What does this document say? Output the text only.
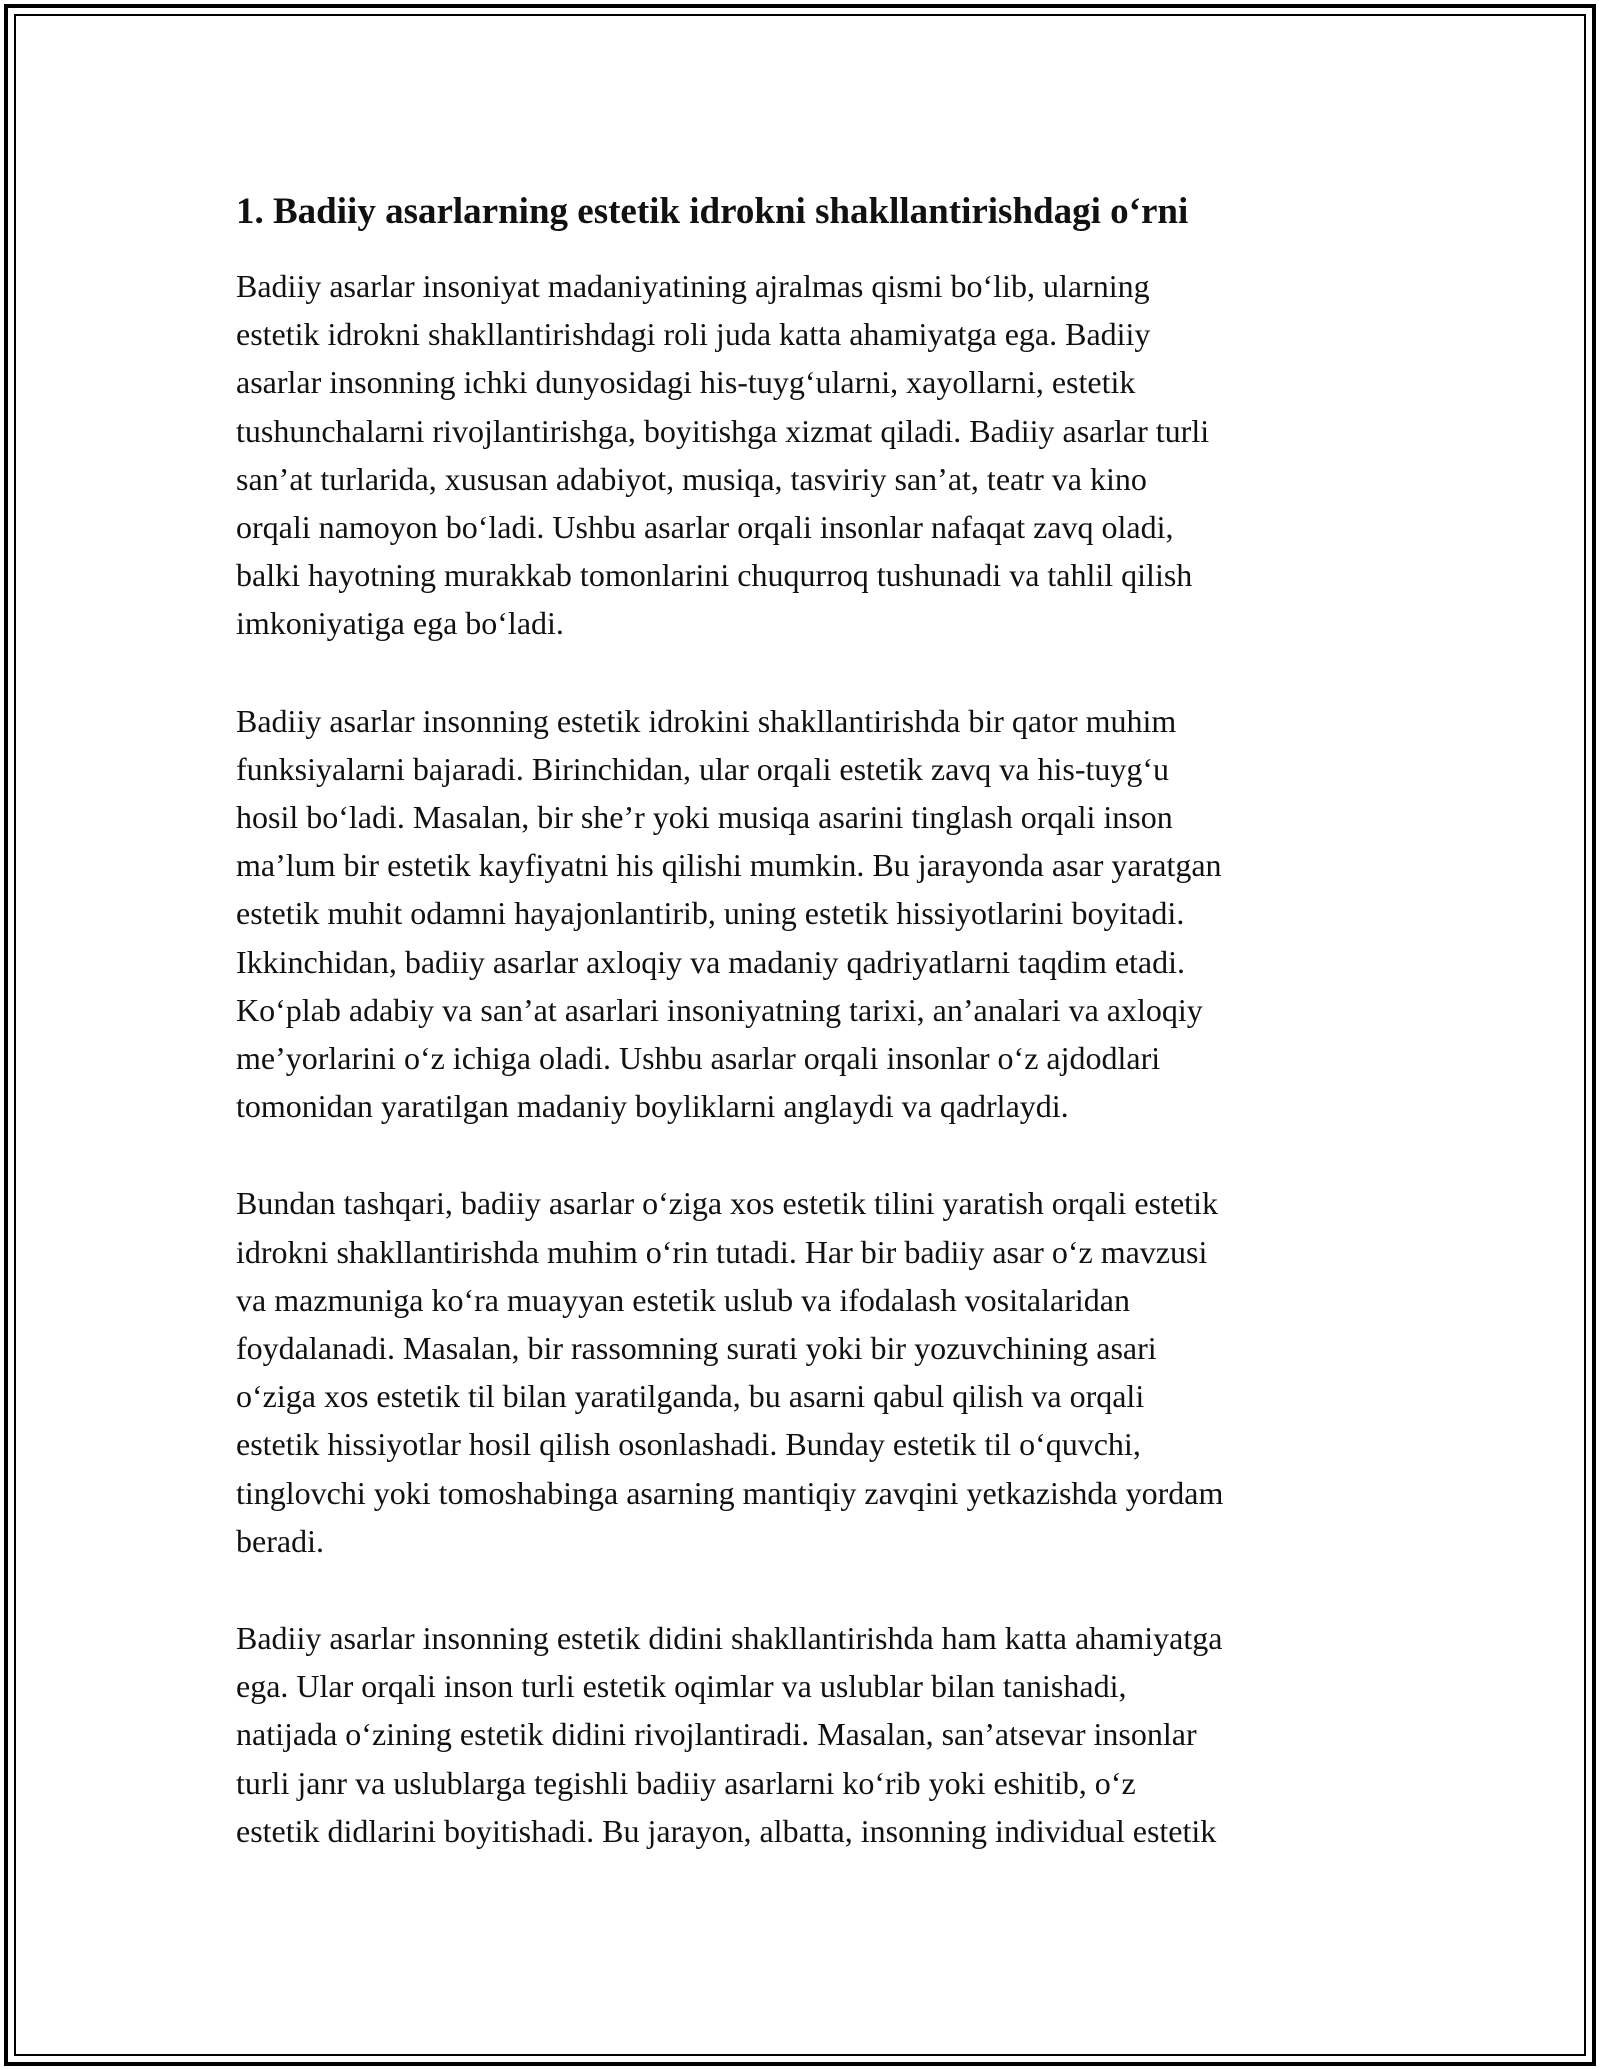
1. Badiiy asarlarning estetik idrokni shakllantirishdagi o‘rni
Badiiy asarlar insoniyat madaniyatining ajralmas qismi bo‘lib, ularning
estetik idrokni shakllantirishdagi roli juda katta ahamiyatga ega. Badiiy
asarlar insonning ichki dunyosidagi his-tuyg‘ularni, xayollarni, estetik
tushunchalarni rivojlantirishga, boyitishga xizmat qiladi. Badiiy asarlar turli
san’at turlarida, xususan adabiyot, musiqa, tasviriy san’at, teatr va kino
orqali namoyon bo‘ladi. Ushbu asarlar orqali insonlar nafaqat zavq oladi,
balki hayotning murakkab tomonlarini chuqurroq tushunadi va tahlil qilish
imkoniyatiga ega bo‘ladi.
Badiiy asarlar insonning estetik idrokini shakllantirishda bir qator muhim
funksiyalarni bajaradi. Birinchidan, ular orqali estetik zavq va his-tuyg‘u
hosil bo‘ladi. Masalan, bir she’r yoki musiqa asarini tinglash orqali inson
ma’lum bir estetik kayfiyatni his qilishi mumkin. Bu jarayonda asar yaratgan
estetik muhit odamni hayajonlantirib, uning estetik hissiyotlarini boyitadi.
Ikkinchidan, badiiy asarlar axloqiy va madaniy qadriyatlarni taqdim etadi.
Ko‘plab adabiy va san’at asarlari insoniyatning tarixi, an’analari va axloqiy
me’yorlarini o‘z ichiga oladi. Ushbu asarlar orqali insonlar o‘z ajdodlari
tomonidan yaratilgan madaniy boyliklarni anglaydi va qadrlaydi.
Bundan tashqari, badiiy asarlar o‘ziga xos estetik tilini yaratish orqali estetik
idrokni shakllantirishda muhim o‘rin tutadi. Har bir badiiy asar o‘z mavzusi
va mazmuniga ko‘ra muayyan estetik uslub va ifodalash vositalaridan
foydalanadi. Masalan, bir rassomning surati yoki bir yozuvchining asari
o‘ziga xos estetik til bilan yaratilganda, bu asarni qabul qilish va orqali
estetik hissiyotlar hosil qilish osonlashadi. Bunday estetik til o‘quvchi,
tinglovchi yoki tomoshabinga asarning mantiqiy zavqini yetkazishda yordam
beradi.
Badiiy asarlar insonning estetik didini shakllantirishda ham katta ahamiyatga
ega. Ular orqali inson turli estetik oqimlar va uslublar bilan tanishadi,
natijada o‘zining estetik didini rivojlantiradi. Masalan, san’atsevar insonlar
turli janr va uslublarga tegishli badiiy asarlarni ko‘rib yoki eshitib, o‘z
estetik didlarini boyitishadi. Bu jarayon, albatta, insonning individual estetik
